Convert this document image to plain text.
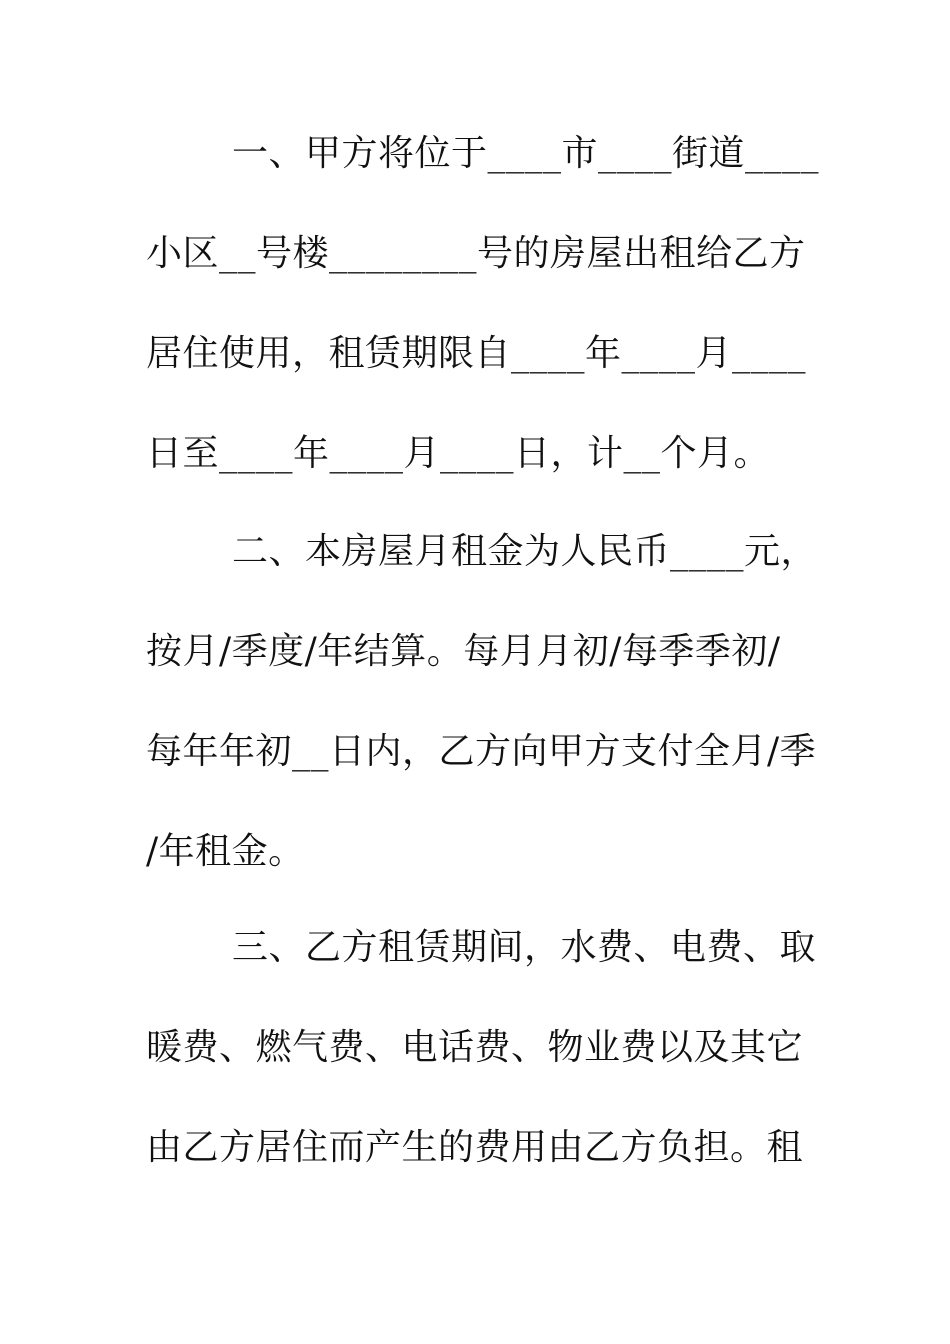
一、甲方将位于____市____街道____

小区__号楼________号的房屋出租给乙方

居住使用，租赁期限自____年____月____

日至____年____月____日，计__个月。

二、本房屋月租金为人民币____元，

按月/季度/年结算。每月月初/每季季初/

每年年初__日内，乙方向甲方支付全月/季

/年租金。

三、乙方租赁期间，水费、电费、取

暖费、燃气费、电话费、物业费以及其它

由乙方居住而产生的费用由乙方负担。租
